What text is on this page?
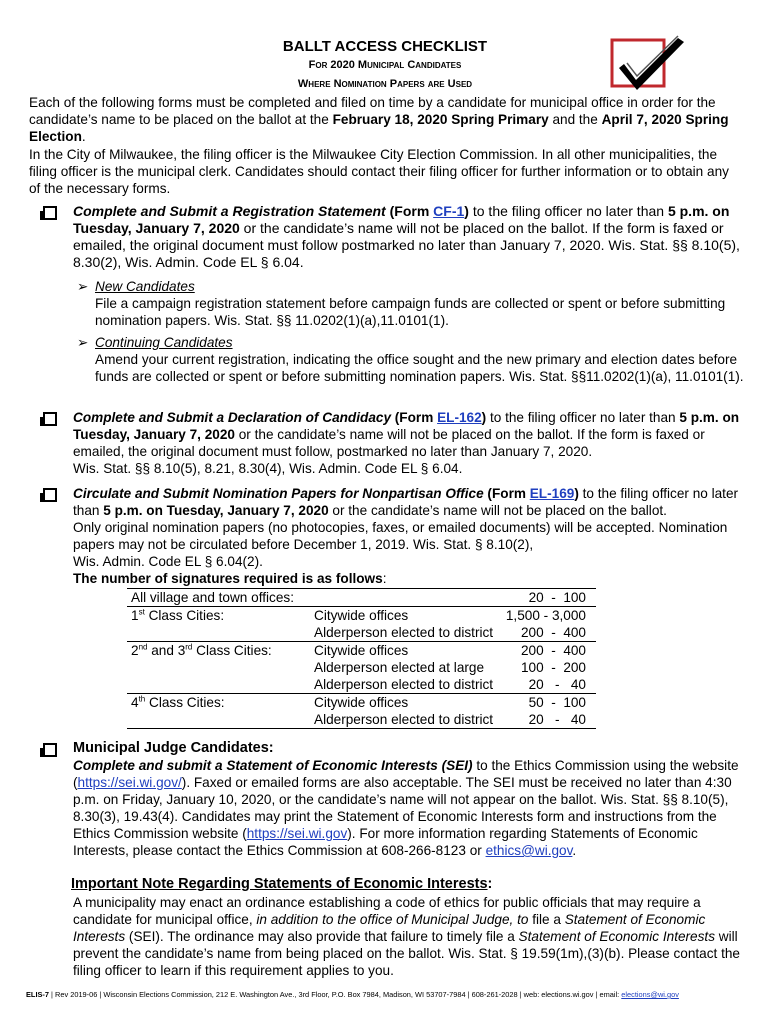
BALLT ACCESS CHECKLIST
For 2020 Municipal Candidates
Where Nomination Papers are Used
Each of the following forms must be completed and filed on time by a candidate for municipal office in order for the candidate’s name to be placed on the ballot at the February 18, 2020 Spring Primary and the April 7, 2020 Spring Election.
In the City of Milwaukee, the filing officer is the Milwaukee City Election Commission. In all other municipalities, the filing officer is the municipal clerk. Candidates should contact their filing officer for further information or to obtain any of the necessary forms.
Complete and Submit a Registration Statement (Form CF-1) to the filing officer no later than 5 p.m. on Tuesday, January 7, 2020 or the candidate’s name will not be placed on the ballot. If the form is faxed or emailed, the original document must follow postmarked no later than January 7, 2020. Wis. Stat. §§ 8.10(5), 8.30(2), Wis. Admin. Code EL § 6.04.
➢ New Candidates
File a campaign registration statement before campaign funds are collected or spent or before submitting nomination papers. Wis. Stat. §§ 11.0202(1)(a),11.0101(1).
➢ Continuing Candidates
Amend your current registration, indicating the office sought and the new primary and election dates before funds are collected or spent or before submitting nomination papers. Wis. Stat. §§11.0202(1)(a), 11.0101(1).
Complete and Submit a Declaration of Candidacy (Form EL-162) to the filing officer no later than 5 p.m. on Tuesday, January 7, 2020 or the candidate’s name will not be placed on the ballot. If the form is faxed or emailed, the original document must follow, postmarked no later than January 7, 2020.
Wis. Stat. §§ 8.10(5), 8.21, 8.30(4), Wis. Admin. Code EL § 6.04.
Circulate and Submit Nomination Papers for Nonpartisan Office (Form EL-169) to the filing officer no later than 5 p.m. on Tuesday, January 7, 2020 or the candidate’s name will not be placed on the ballot.
Only original nomination papers (no photocopies, faxes, or emailed documents) will be accepted. Nomination papers may not be circulated before December 1, 2019. Wis. Stat. § 8.10(2),
Wis. Admin. Code EL § 6.04(2).
The number of signatures required is as follows:
All village and town offices:		20  -  100
1st Class Cities:	Citywide offices	1,500 - 3,000
	Alderperson elected to district	200  -  400
2nd and 3rd Class Cities:	Citywide offices	200  -  400
	Alderperson elected at large	100  -  200
	Alderperson elected to district	20   -   40
4th Class Cities:	Citywide offices	50  -  100
	Alderperson elected to district	20   -   40
Municipal Judge Candidates:
Complete and submit a Statement of Economic Interests (SEI) to the Ethics Commission using the website (https://sei.wi.gov/). Faxed or emailed forms are also acceptable. The SEI must be received no later than 4:30 p.m. on Friday, January 10, 2020, or the candidate’s name will not appear on the ballot. Wis. Stat. §§ 8.10(5), 8.30(3), 19.43(4). Candidates may print the Statement of Economic Interests form and instructions from the Ethics Commission website (https://sei.wi.gov). For more information regarding Statements of Economic Interests, please contact the Ethics Commission at 608-266-8123 or ethics@wi.gov.
Important Note Regarding Statements of Economic Interests:
A municipality may enact an ordinance establishing a code of ethics for public officials that may require a candidate for municipal office, in addition to the office of Municipal Judge, to file a Statement of Economic Interests (SEI). The ordinance may also provide that failure to timely file a Statement of Economic Interests will prevent the candidate’s name from being placed on the ballot. Wis. Stat. § 19.59(1m),(3)(b). Please contact the filing officer to learn if this requirement applies to you.
ELIS-7 | Rev 2019-06 | Wisconsin Elections Commission, 212 E. Washington Ave., 3rd Floor, P.O. Box 7984, Madison, WI 53707-7984 | 608-261-2028 | web: elections.wi.gov | email: elections@wi.gov
